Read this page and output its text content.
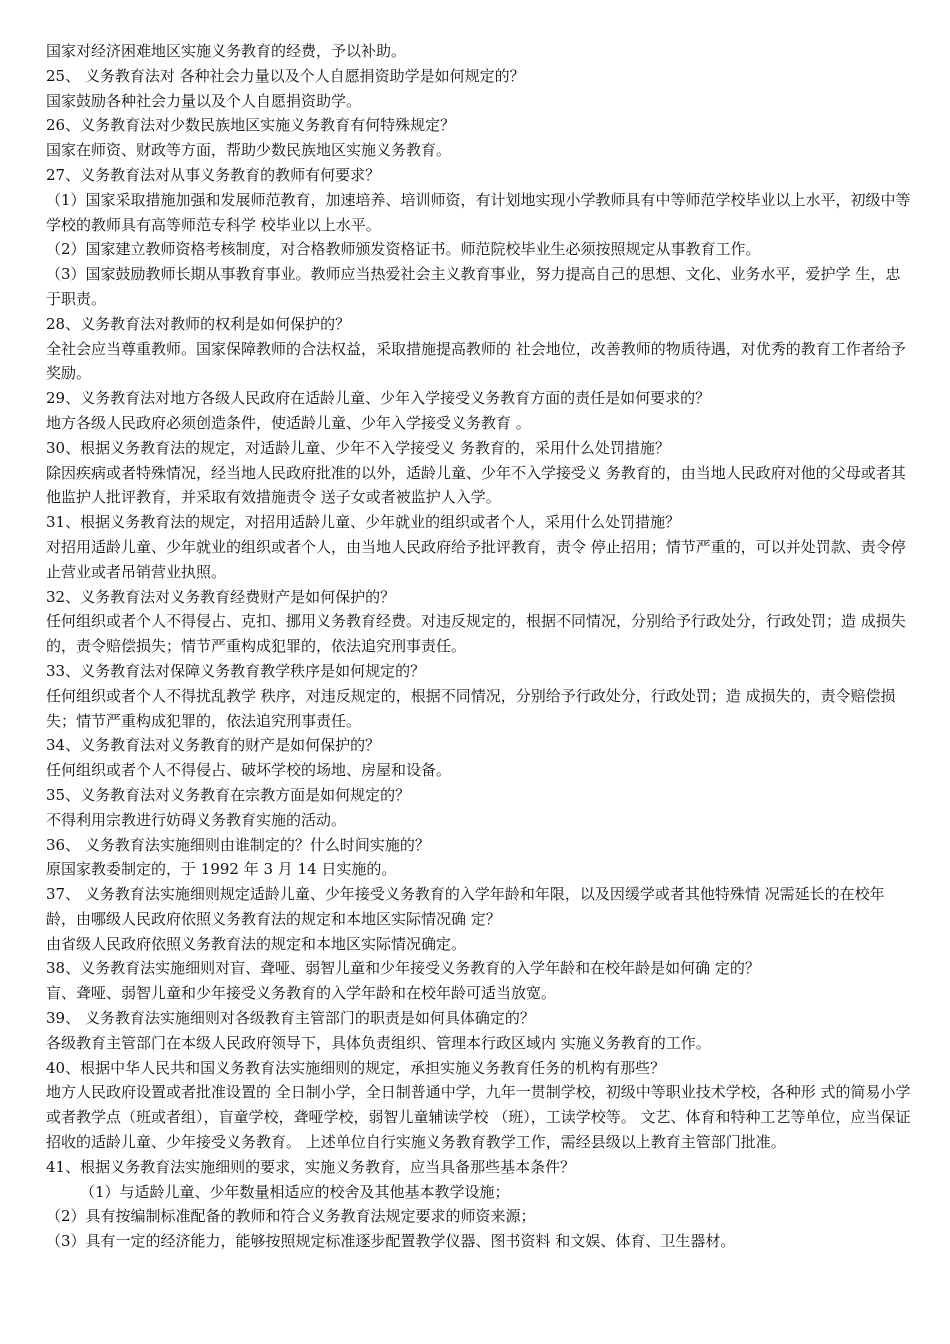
国家对经济困难地区实施义务教育的经费，予以补助。

25、 义务教育法对 各种社会力量以及个人自愿捐资助学是如何规定的？

国家鼓励各种社会力量以及个人自愿捐资助学。

26、义务教育法对少数民族地区实施义务教育有何特殊规定？

国家在师资、财政等方面，帮助少数民族地区实施义务教育。

27、义务教育法对从事义务教育的教师有何要求？

（1）国家采取措施加强和发展师范教育，加速培养、培训师资，有计划地实现小学教师具有中等师范学校毕业以上水平，初级中等学校的教师具有高等师范专科学 校毕业以上水平。

（2）国家建立教师资格考核制度，对合格教师颁发资格证书。师范院校毕业生必须按照规定从事教育工作。

（3）国家鼓励教师长期从事教育事业。教师应当热爱社会主义教育事业，努力提高自己的思想、文化、业务水平，爱护学 生，忠于职责。

28、义务教育法对教师的权利是如何保护的？

全社会应当尊重教师。国家保障教师的合法权益，采取措施提高教师的 社会地位，改善教师的物质待遇，对优秀的教育工作者给予奖励。

29、义务教育法对地方各级人民政府在适龄儿童、少年入学接受义务教育方面的责任是如何要求的？

地方各级人民政府必须创造条件，使适龄儿童、少年入学接受义务教育 。

30、根据义务教育法的规定，对适龄儿童、少年不入学接受义 务教育的，采用什么处罚措施？

除因疾病或者特殊情况，经当地人民政府批准的以外，适龄儿童、少年不入学接受义 务教育的，由当地人民政府对他的父母或者其他监护人批评教育，并采取有效措施责令 送子女或者被监护人入学。

31、根据义务教育法的规定，对招用适龄儿童、少年就业的组织或者个人，采用什么处罚措施？

对招用适龄儿童、少年就业的组织或者个人，由当地人民政府给予批评教育，责令 停止招用；情节严重的，可以并处罚款、责令停止营业或者吊销营业执照。

32、义务教育法对义务教育经费财产是如何保护的？

任何组织或者个人不得侵占、克扣、挪用义务教育经费。对违反规定的，根据不同情况，分别给予行政处分，行政处罚；造 成损失的，责令赔偿损失；情节严重构成犯罪的，依法追究刑事责任。

33、义务教育法对保障义务教育教学秩序是如何规定的？

任何组织或者个人不得扰乱教学 秩序，对违反规定的，根据不同情况，分别给予行政处分，行政处罚；造 成损失的，责令赔偿损失；情节严重构成犯罪的，依法追究刑事责任。

34、义务教育法对义务教育的财产是如何保护的？

任何组织或者个人不得侵占、破坏学校的场地、房屋和设备。

35、义务教育法对义务教育在宗教方面是如何规定的？

不得利用宗教进行妨碍义务教育实施的活动。

36、 义务教育法实施细则由谁制定的？什么时间实施的？

原国家教委制定的，于 1992 年 3 月 14 日实施的。

37、 义务教育法实施细则规定适龄儿童、少年接受义务教育的入学年龄和年限，以及因缓学或者其他特殊情 况需延长的在校年龄，由哪级人民政府依照义务教育法的规定和本地区实际情况确 定？

由省级人民政府依照义务教育法的规定和本地区实际情况确定。

38、义务教育法实施细则对盲、聋哑、弱智儿童和少年接受义务教育的入学年龄和在校年龄是如何确 定的？

盲、聋哑、弱智儿童和少年接受义务教育的入学年龄和在校年龄可适当放宽。

39、 义务教育法实施细则对各级教育主管部门的职责是如何具体确定的？

各级教育主管部门在本级人民政府领导下，具体负责组织、管理本行政区域内 实施义务教育的工作。

40、根据中华人民共和国义务教育法实施细则的规定，承担实施义务教育任务的机构有那些？

地方人民政府设置或者批准设置的 全日制小学，全日制普通中学，九年一贯制学校，初级中等职业技术学校，各种形 式的简易小学或者教学点（班或者组），盲童学校，聋哑学校，弱智儿童辅读学校 （班），工读学校等。 文艺、体育和特种工艺等单位，应当保证招收的适龄儿童、少年接受义务教育。 上述单位自行实施义务教育教学工作，需经县级以上教育主管部门批准。

41、根据义务教育法实施细则的要求，实施义务教育，应当具备那些基本条件？

（1）与适龄儿童、少年数量相适应的校舍及其他基本教学设施；

（2）具有按编制标准配备的教师和符合义务教育法规定要求的师资来源；

（3）具有一定的经济能力，能够按照规定标准逐步配置教学仪器、图书资料 和文娱、体育、卫生器材。
